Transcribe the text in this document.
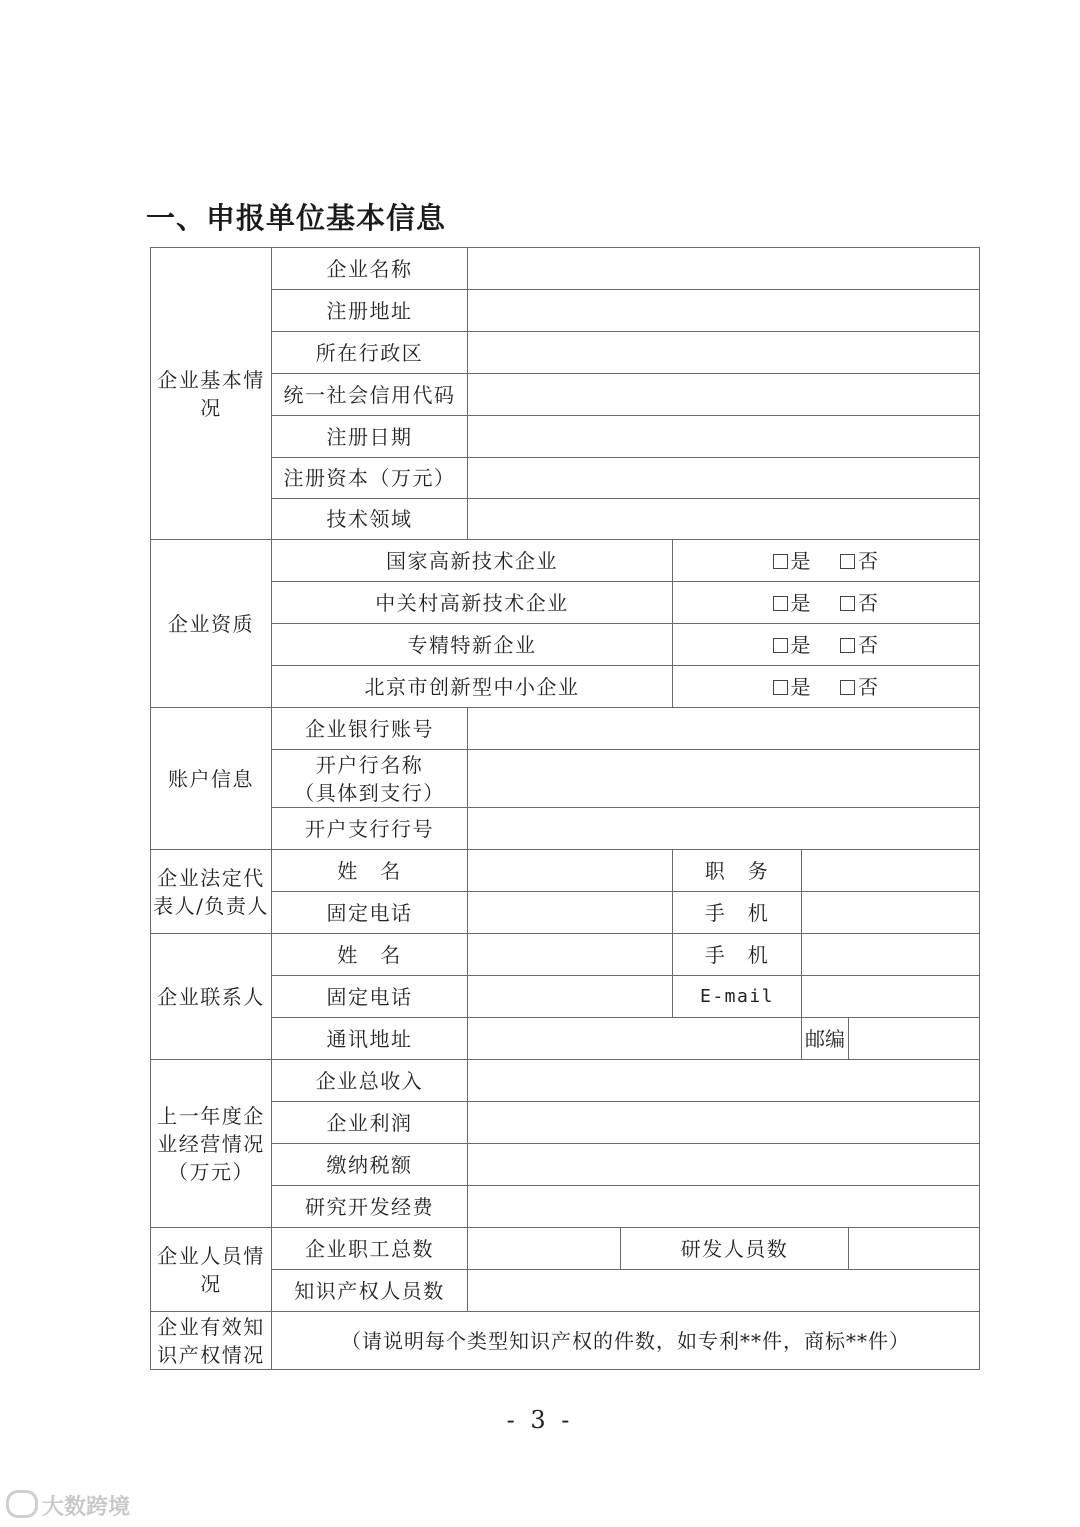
一、申报单位基本信息
企业基本情况	企业名称					
	注册地址					
	所在行政区					
	统一社会信用代码					
	注册日期					
	注册资本（万元）					
	技术领域					
企业资质	国家高新技术企业			是 否		
	中关村高新技术企业			是 否		
	专精特新企业			是 否		
	北京市创新型中小企业			是 否		
账户信息	企业银行账号					
	开户行名称
（具体到支行）					
	开户支行行号					
企业法定代表人/负责人	姓　名			职　务		
	固定电话			手　机		
企业联系人	姓　名			手　机		
	固定电话			E-mail		
	通讯地址				邮编	
上一年度企业经营情况（万元）	企业总收入					
	企业利润					
	缴纳税额					
	研究开发经费					
企业人员情况	企业职工总数		研发人员数			
	知识产权人员数					
企业有效知识产权情况	（请说明每个类型知识产权的件数，如专利**件，商标**件）					
- 3 -
大数跨境
